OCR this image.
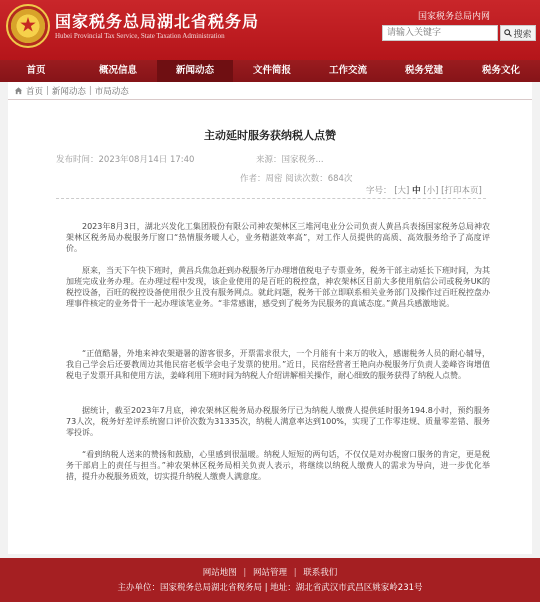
国家税务总局湖北省税务局
Hubei Provincial Tax Service, State Taxation Administration
国家税务总局内网
请输入关键字
搜索
首页	概况信息	新闻动态	文件简报	工作交流	税务党建	税务文化
首页 | 新闻动态 | 市局动态
主动延时服务获纳税人点赞
发布时间：2023年08月14日 17:40	来源：国家税务...
作者：周密 阅读次数：684次
字号： [大] 中 [小] [打印本页]

2023年8月3日，湖北兴发化工集团股份有限公司神农架林区三堆河电业分公司负责人黄昌兵表扬国家税务总局神农架林区税务局办税服务厅窗口“热情服务暖人心，业务精湛效率高”，对工作人员提供的高质、高效服务给予了高度评价。

原来，当天下午快下班时，黄昌兵焦急赶到办税服务厅办理增值税电子专票业务，税务干部主动延长下班时间，为其加班完成业务办理。在办理过程中发现，该企业使用的是百旺的税控盘，神农架林区目前大多使用航信公司或税务UK的税控设备，百旺的税控设备使用很少且没有服务网点。就此问题，税务干部立即联系相关业务部门及操作过百旺税控盘办理事件核定的业务骨干一起办理该笔业务。“非常感谢，感受到了税务为民服务的真诚态度。”黄昌兵感激地说。

“正值酷暑，外地来神农架避暑的游客很多，开票需求很大，一个月能有十来万的收入，感谢税务人员的耐心辅导，我自己学会后还要教周边其他民宿老板学会电子发票的使用。”近日，民宿经营者王艳向办税服务厅负责人姜峰咨询增值税电子发票开具和使用方法，姜峰利用下班时间为纳税人介绍讲解相关操作，耐心细致的服务获得了纳税人点赞。

据统计，截至2023年7月底，神农架林区税务局办税服务厅已为纳税人缴费人提供延时服务194.8小时，预约服务73人次，税务好差评系统窗口评价次数为31335次，纳税人满意率达到100%，实现了工作零违规、质量零差错、服务零投诉。

“看到纳税人送来的赞扬和鼓励，心里感到很温暖。纳税人短短的两句话，不仅仅是对办税窗口服务的肯定，更是税务干部肩上的责任与担当。”神农架林区税务局相关负责人表示，将继续以纳税人缴费人的需求为导向，进一步优化举措，提升办税服务质效，切实提升纳税人缴费人满意度。

网站地图 | 网站管理 | 联系我们
主办单位：国家税务总局湖北省税务局 | 地址：湖北省武汉市武昌区姚家岭231号
